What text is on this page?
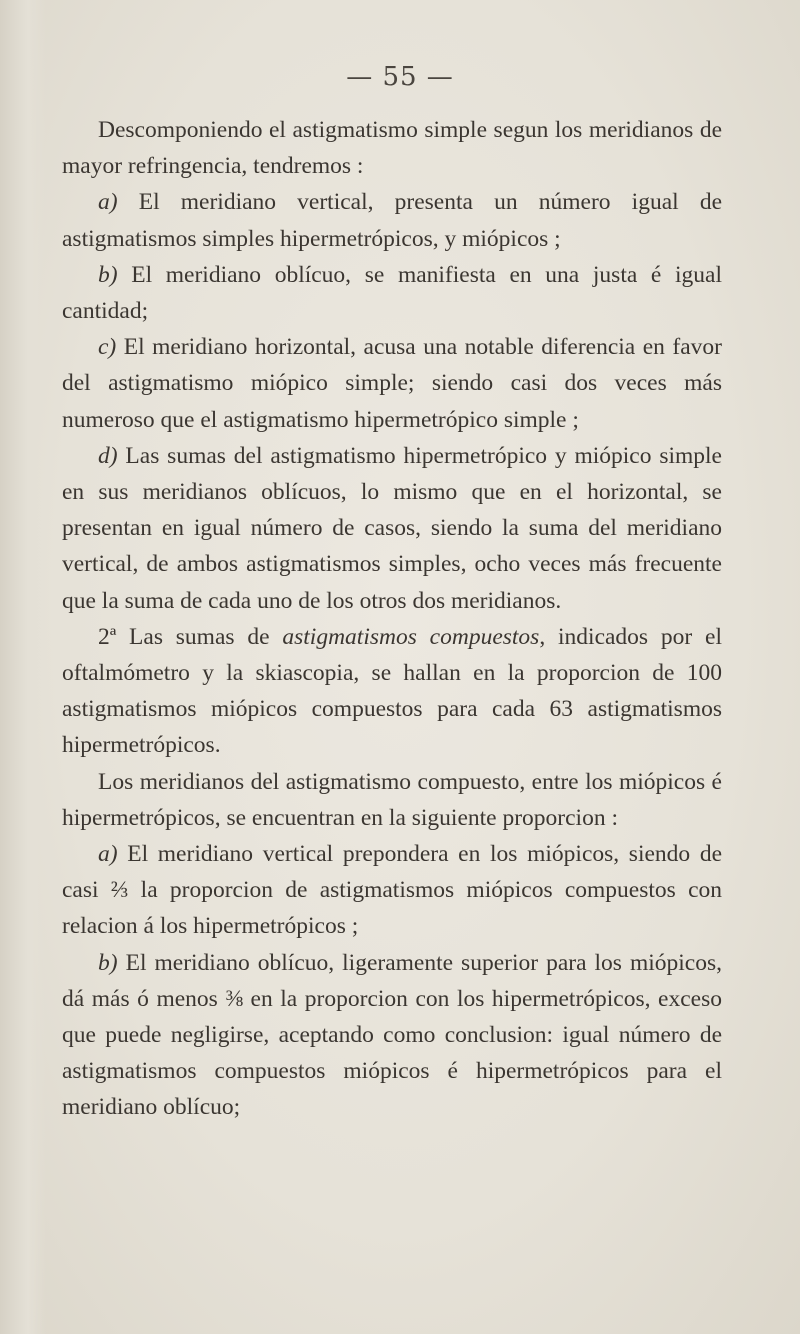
— 55 —

Descomponiendo el astigmatismo simple segun los meridianos de mayor refringencia, tendremos :

a) El meridiano vertical, presenta un número igual de astigmatismos simples hipermetrópicos, y miópicos ;

b) El meridiano oblícuo, se manifiesta en una justa é igual cantidad;

c) El meridiano horizontal, acusa una notable diferencia en favor del astigmatismo miópico simple; siendo casi dos veces más numeroso que el astigmatismo hipermetrópico simple ;

d) Las sumas del astigmatismo hipermetrópico y miópico simple en sus meridianos oblícuos, lo mismo que en el horizontal, se presentan en igual número de casos, siendo la suma del meridiano vertical, de ambos astigmatismos simples, ocho veces más frecuente que la suma de cada uno de los otros dos meridianos.

2ª Las sumas de astigmatismos compuestos, indicados por el oftalmómetro y la skiascopia, se hallan en la proporcion de 100 astigmatismos miópicos compuestos para cada 63 astigmatismos hipermetrópicos.

Los meridianos del astigmatismo compuesto, entre los miópicos é hipermetrópicos, se encuentran en la siguiente proporcion :

a) El meridiano vertical prepondera en los miópicos, siendo de casi ⅔ la proporcion de astigmatismos miópicos compuestos con relacion á los hipermetrópicos ;

b) El meridiano oblícuo, ligeramente superior para los miópicos, dá más ó menos ⅜ en la proporcion con los hipermetrópicos, exceso que puede negligirse, aceptando como conclusion: igual número de astigmatismos compuestos miópicos é hipermetrópicos para el meridiano oblícuo;
